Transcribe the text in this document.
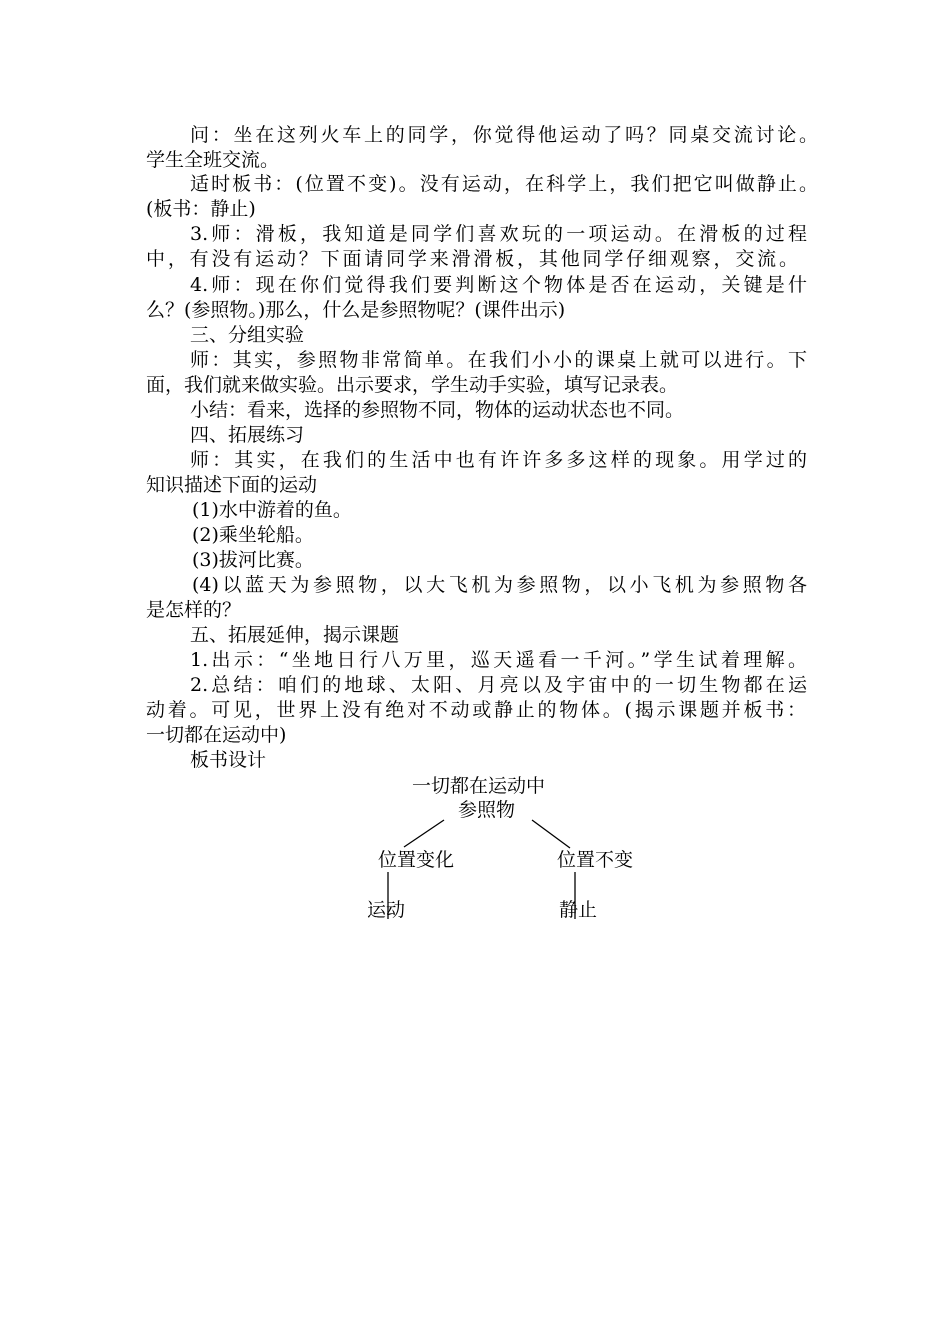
问：坐在这列火车上的同学，你觉得他运动了吗？同桌交流讨论。
学生全班交流。
适时板书：(位置不变)。没有运动，在科学上，我们把它叫做静止。
(板书：静止)
3.师：滑板，我知道是同学们喜欢玩的一项运动。在滑板的过程
中，有没有运动？下面请同学来滑滑板，其他同学仔细观察，交流。
4.师：现在你们觉得我们要判断这个物体是否在运动，关键是什
么？(参照物。)那么，什么是参照物呢？(课件出示)
三、分组实验
师：其实，参照物非常简单。在我们小小的课桌上就可以进行。下
面，我们就来做实验。出示要求，学生动手实验，填写记录表。
小结：看来，选择的参照物不同，物体的运动状态也不同。
四、拓展练习
师：其实，在我们的生活中也有许许多多这样的现象。用学过的
知识描述下面的运动
(1)水中游着的鱼。
(2)乘坐轮船。
(3)拔河比赛。
(4)以蓝天为参照物，以大飞机为参照物，以小飞机为参照物各
是怎样的？
五、拓展延伸，揭示课题
1.出示：“坐地日行八万里，巡天遥看一千河。”学生试着理解。
2.总结：咱们的地球、太阳、月亮以及宇宙中的一切生物都在运
动着。可见，世界上没有绝对不动或静止的物体。(揭示课题并板书：
一切都在运动中)
板书设计
一切都在运动中
参照物
位置变化	位置不变
运动	静止
